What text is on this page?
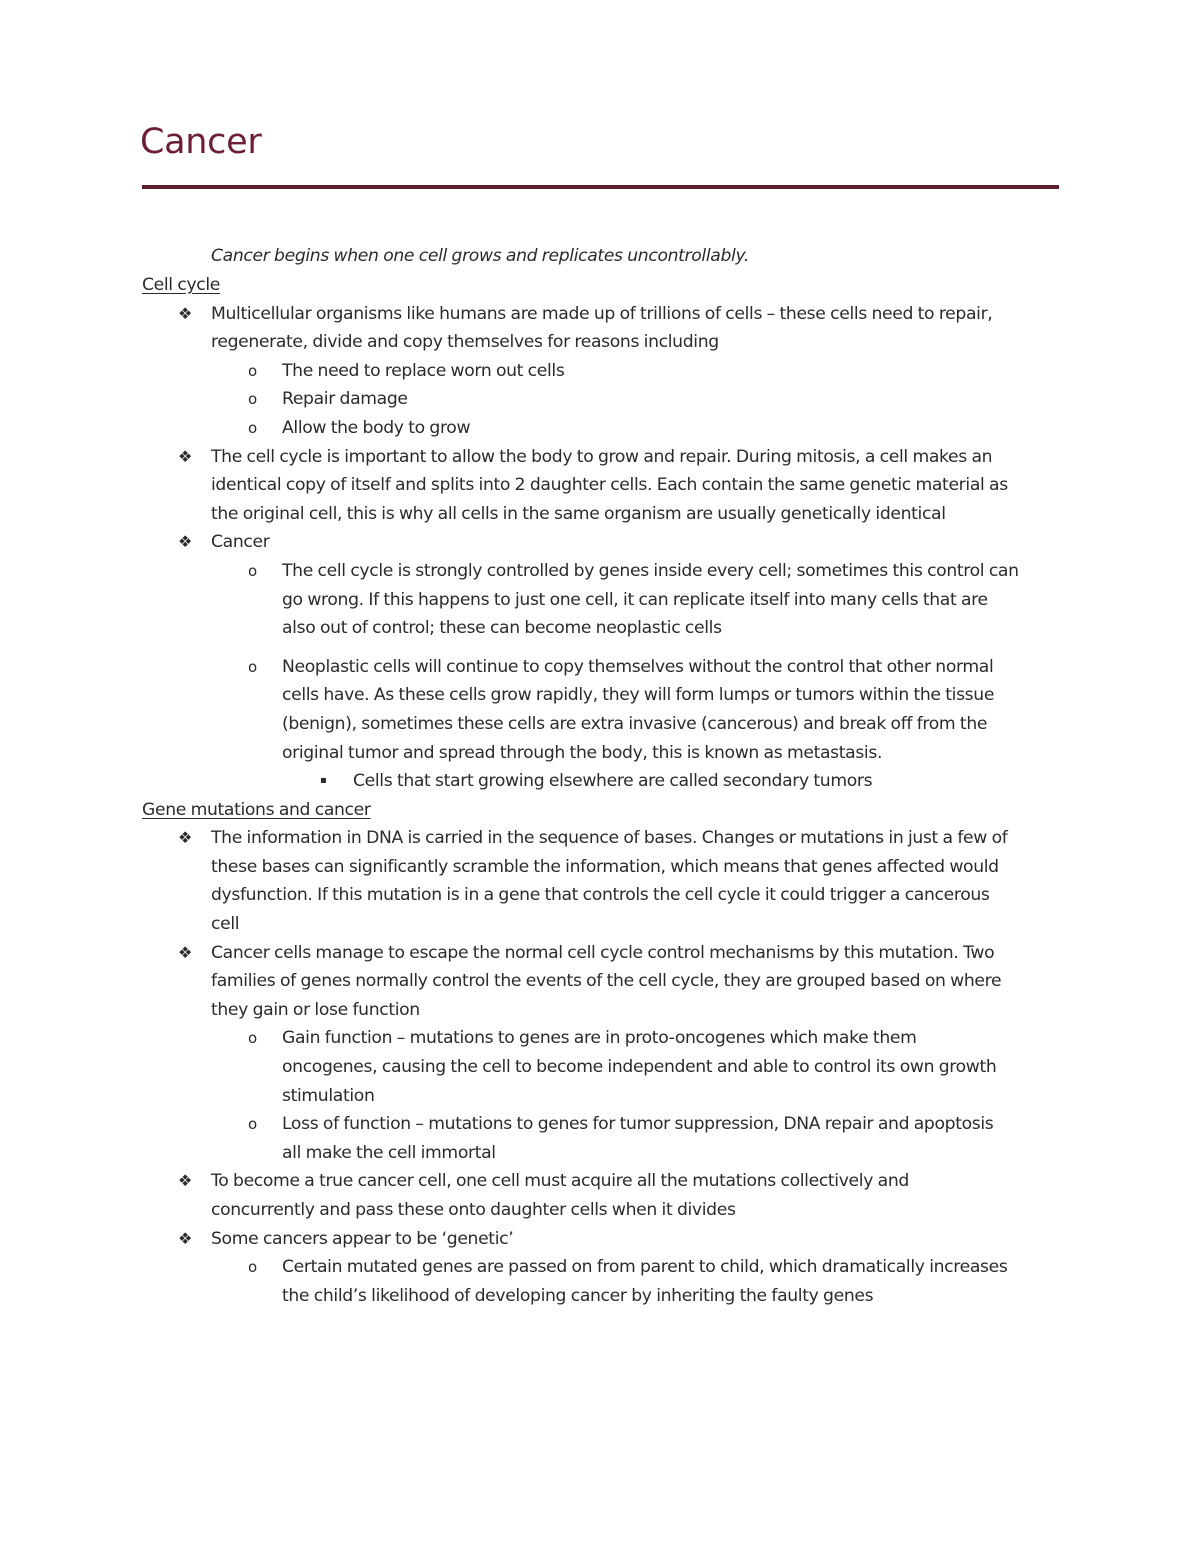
Cancer
Cancer begins when one cell grows and replicates uncontrollably.
Cell cycle
❖ Multicellular organisms like humans are made up of trillions of cells – these cells need to repair,
regenerate, divide and copy themselves for reasons including
o The need to replace worn out cells
o Repair damage
o Allow the body to grow
❖ The cell cycle is important to allow the body to grow and repair. During mitosis, a cell makes an
identical copy of itself and splits into 2 daughter cells. Each contain the same genetic material as
the original cell, this is why all cells in the same organism are usually genetically identical
❖ Cancer
o The cell cycle is strongly controlled by genes inside every cell; sometimes this control can
go wrong. If this happens to just one cell, it can replicate itself into many cells that are
also out of control; these can become neoplastic cells
o Neoplastic cells will continue to copy themselves without the control that other normal
cells have. As these cells grow rapidly, they will form lumps or tumors within the tissue
(benign), sometimes these cells are extra invasive (cancerous) and break off from the
original tumor and spread through the body, this is known as metastasis.
▪ Cells that start growing elsewhere are called secondary tumors
Gene mutations and cancer
❖ The information in DNA is carried in the sequence of bases. Changes or mutations in just a few of
these bases can significantly scramble the information, which means that genes affected would
dysfunction. If this mutation is in a gene that controls the cell cycle it could trigger a cancerous
cell
❖ Cancer cells manage to escape the normal cell cycle control mechanisms by this mutation. Two
families of genes normally control the events of the cell cycle, they are grouped based on where
they gain or lose function
o Gain function – mutations to genes are in proto-oncogenes which make them
oncogenes, causing the cell to become independent and able to control its own growth
stimulation
o Loss of function – mutations to genes for tumor suppression, DNA repair and apoptosis
all make the cell immortal
❖ To become a true cancer cell, one cell must acquire all the mutations collectively and
concurrently and pass these onto daughter cells when it divides
❖ Some cancers appear to be ‘genetic’
o Certain mutated genes are passed on from parent to child, which dramatically increases
the child’s likelihood of developing cancer by inheriting the faulty genes
